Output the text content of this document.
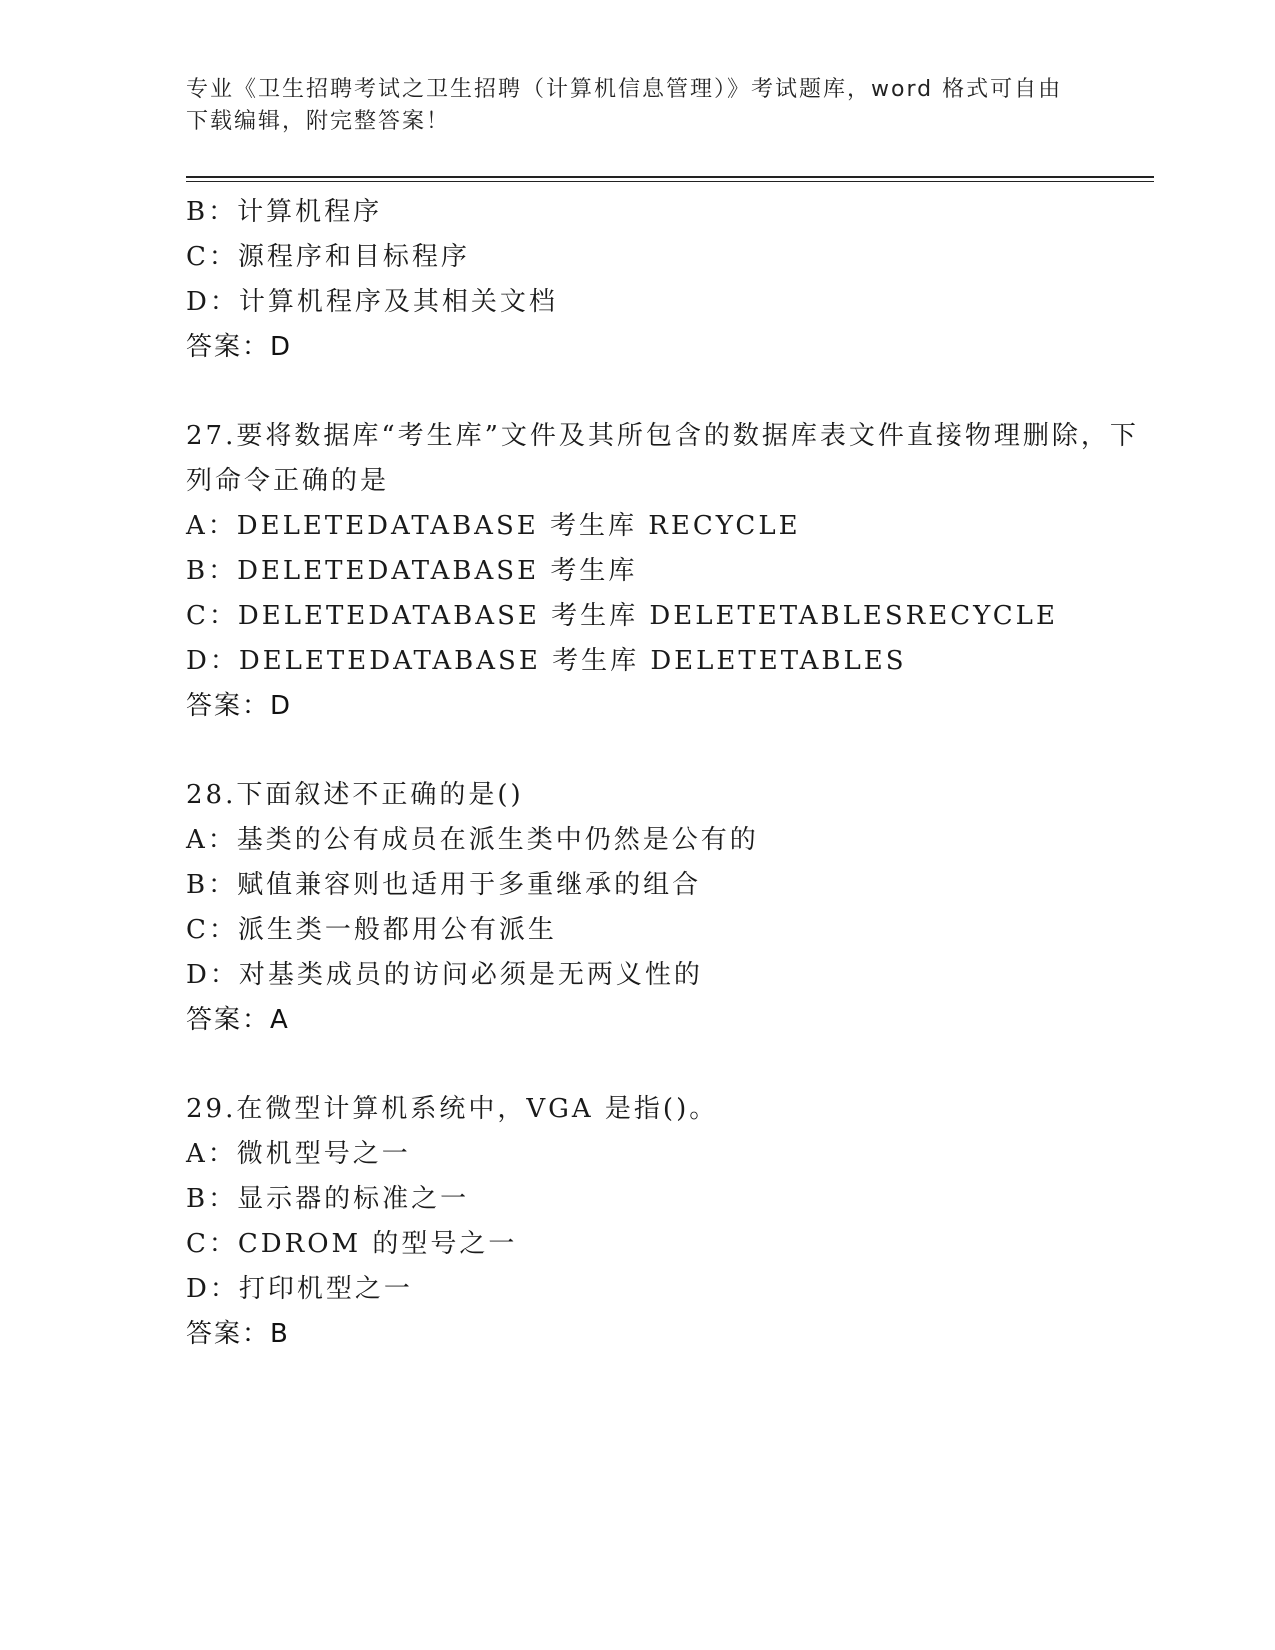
专业《卫生招聘考试之卫生招聘（计算机信息管理）》考试题库，word 格式可自由下载编辑，附完整答案！
B：计算机程序
C：源程序和目标程序
D：计算机程序及其相关文档
答案：D
27.要将数据库“考生库”文件及其所包含的数据库表文件直接物理删除，下列命令正确的是
A：DELETEDATABASE 考生库 RECYCLE
B：DELETEDATABASE 考生库
C：DELETEDATABASE 考生库 DELETETABLESRECYCLE
D：DELETEDATABASE 考生库 DELETETABLES
答案：D
28.下面叙述不正确的是()
A：基类的公有成员在派生类中仍然是公有的
B：赋值兼容则也适用于多重继承的组合
C：派生类一般都用公有派生
D：对基类成员的访问必须是无两义性的
答案：A
29.在微型计算机系统中，VGA 是指()。
A：微机型号之一
B：显示器的标准之一
C：CDROM 的型号之一
D：打印机型之一
答案：B
